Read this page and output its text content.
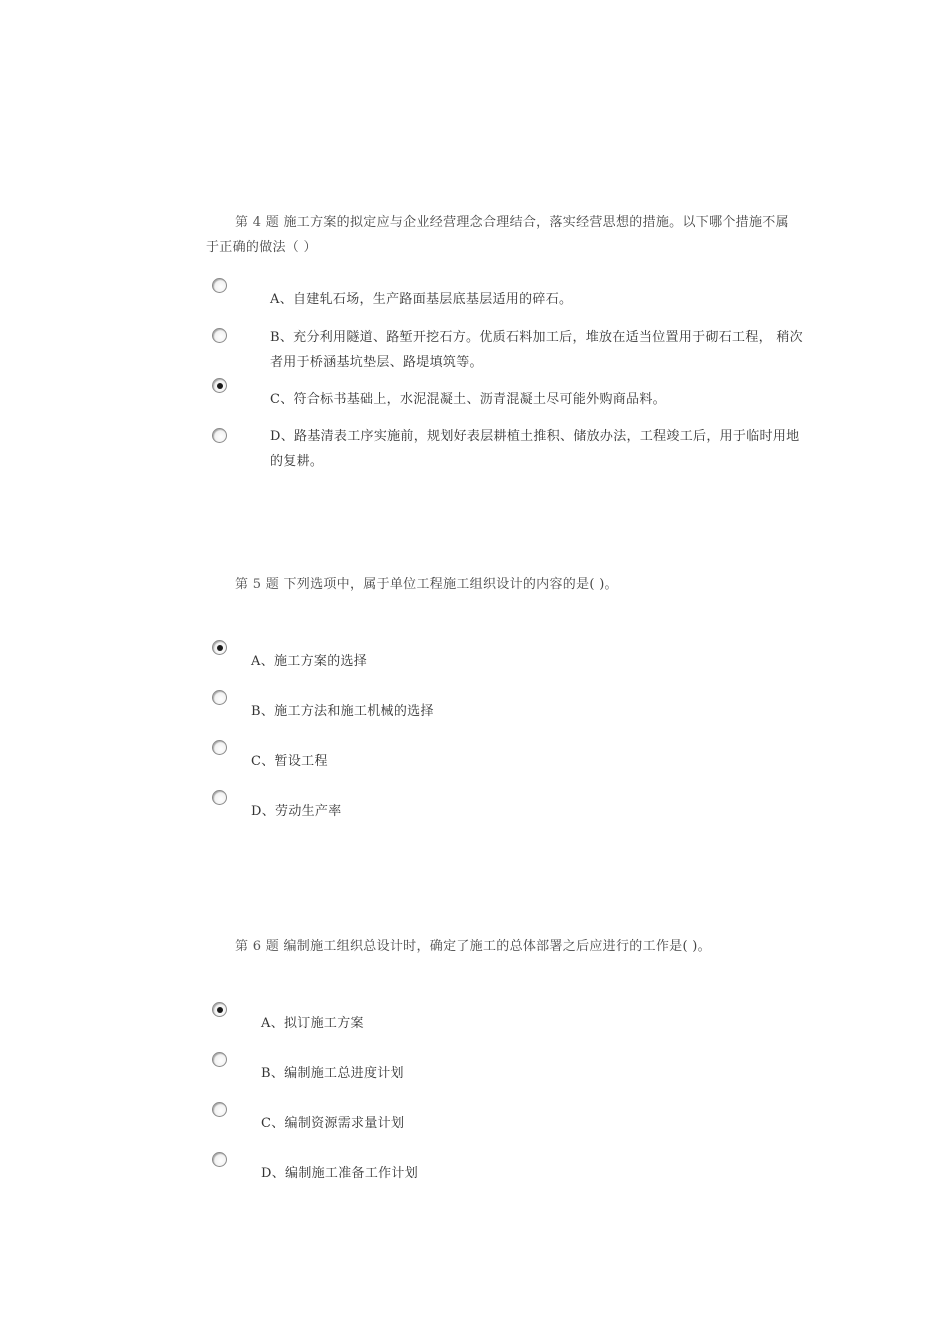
第 4 题 施工方案的拟定应与企业经营理念合理结合，落实经营思想的措施。以下哪个措施不属于正确的做法（ ）

A、自建轧石场，生产路面基层底基层适用的碎石。

B、充分利用隧道、路堑开挖石方。优质石料加工后，堆放在适当位置用于砌石工程， 稍次者用于桥涵基坑垫层、路堤填筑等。

C、符合标书基础上，水泥混凝土、沥青混凝土尽可能外购商品料。

D、路基清表工序实施前，规划好表层耕植土推积、储放办法，工程竣工后，用于临时用地的复耕。

第 5 题 下列选项中，属于单位工程施工组织设计的内容的是( )。

A、施工方案的选择

B、施工方法和施工机械的选择

C、暂设工程

D、劳动生产率

第 6 题 编制施工组织总设计时，确定了施工的总体部署之后应进行的工作是( )。

A、拟订施工方案

B、编制施工总进度计划

C、编制资源需求量计划

D、编制施工准备工作计划
